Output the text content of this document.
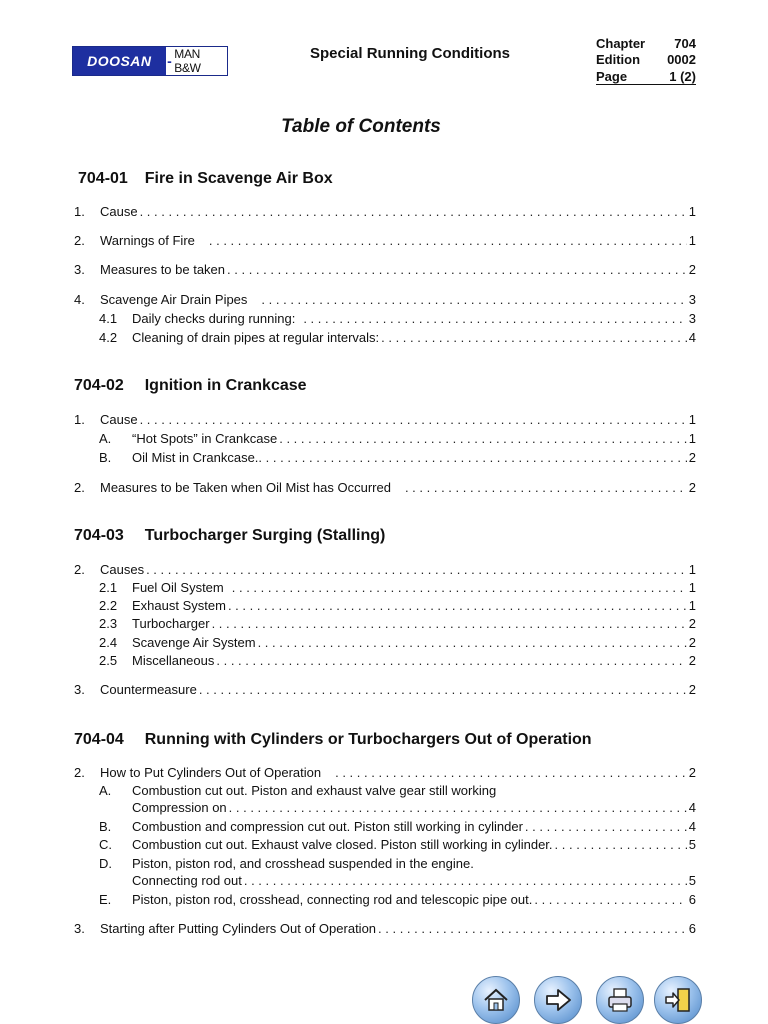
DOOSAN	- MAN B&W
Special Running Conditions
Chapter 704
Edition 0002
Page	1 (2)
Table of Contents
704-01 Fire in Scavenge Air Box
1.	Cause . . .	1
2.	Warnings of Fire . . .	1
3.	Measures to be taken . . .	2
4.	Scavenge Air Drain Pipes . . .	3
4.1	Daily checks during running: . . .	3
4.2	Cleaning of drain pipes at regular intervals: . . .	4
704-02 Ignition in Crankcase
1.	Cause . . .	1
A.	“Hot Spots” in Crankcase . . .	1
B.	Oil Mist in Crankcase. . . .	2
2.	Measures to be Taken when Oil Mist has Occurred . . .	2
704-03 Turbocharger Surging (Stalling)
2.	Causes . . .	1
2.1	Fuel Oil System . . .	1
2.2	Exhaust System . . .	1
2.3	Turbocharger . . .	2
2.4	Scavenge Air System . . .	2
2.5	Miscellaneous . . .	2
3.	Countermeasure . . .	2
704-04 Running with Cylinders or Turbochargers Out of Operation
2.	How to Put Cylinders Out of Operation . . .	2
A. Combustion cut out. Piston and exhaust valve gear still working
Compression on . . .	4
B.	Combustion and compression cut out. Piston still working in cylinder . . .	4
C.	Combustion cut out. Exhaust valve closed. Piston still working in cylinder. . . .	5
D. Piston, piston rod, and crosshead suspended in the engine.
Connecting rod out . . .	5
E.	Piston, piston rod, crosshead, connecting rod and telescopic pipe out. . . .	6
3.	Starting after Putting Cylinders Out of Operation . . .	6
